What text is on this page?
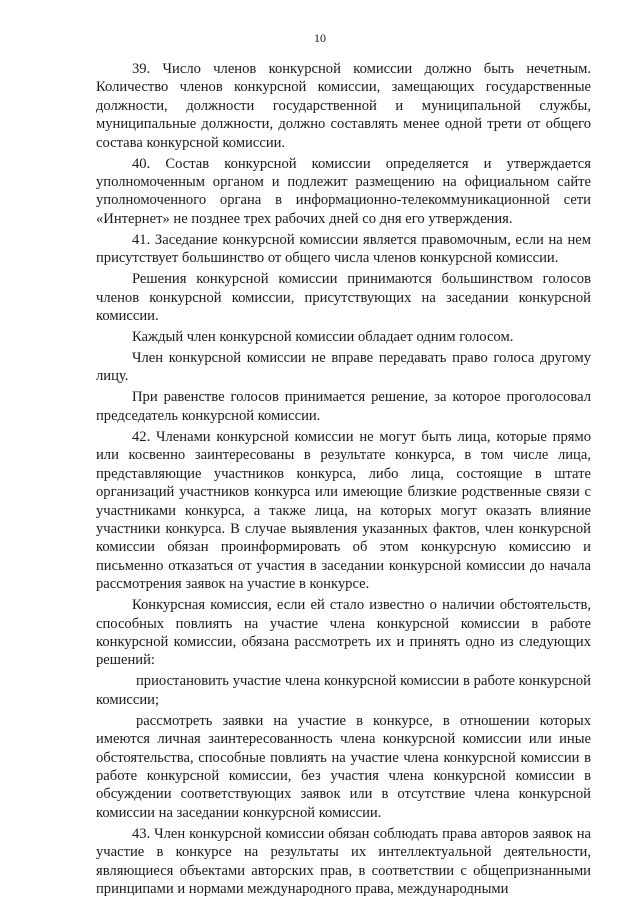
10

39. Число членов конкурсной комиссии должно быть нечетным. Количество членов конкурсной комиссии, замещающих государственные должности, должности государственной и муниципальной службы, муниципальные должности, должно составлять менее одной трети от общего состава конкурсной комиссии.

40. Состав конкурсной комиссии определяется и утверждается уполномоченным органом и подлежит размещению на официальном сайте уполномоченного органа в информационно-телекоммуникационной сети «Интернет» не позднее трех рабочих дней со дня его утверждения.

41. Заседание конкурсной комиссии является правомочным, если на нем присутствует большинство от общего числа членов конкурсной комиссии.

Решения конкурсной комиссии принимаются большинством голосов членов конкурсной комиссии, присутствующих на заседании конкурсной комиссии.

Каждый член конкурсной комиссии обладает одним голосом.

Член конкурсной комиссии не вправе передавать право голоса другому лицу.

При равенстве голосов принимается решение, за которое проголосовал председатель конкурсной комиссии.

42. Членами конкурсной комиссии не могут быть лица, которые прямо или косвенно заинтересованы в результате конкурса, в том числе лица, представляющие участников конкурса, либо лица, состоящие в штате организаций участников конкурса или имеющие близкие родственные связи с участниками конкурса, а также лица, на которых могут оказать влияние участники конкурса. В случае выявления указанных фактов, член конкурсной комиссии обязан проинформировать об этом конкурсную комиссию и письменно отказаться от участия в заседании конкурсной комиссии до начала рассмотрения заявок на участие в конкурсе.

Конкурсная комиссия, если ей стало известно о наличии обстоятельств, способных повлиять на участие члена конкурсной комиссии в работе конкурсной комиссии, обязана рассмотреть их и принять одно из следующих решений:

приостановить участие члена конкурсной комиссии в работе конкурсной комиссии;

рассмотреть заявки на участие в конкурсе, в отношении которых имеются личная заинтересованность члена конкурсной комиссии или иные обстоятельства, способные повлиять на участие члена конкурсной комиссии в работе конкурсной комиссии, без участия члена конкурсной комиссии в обсуждении соответствующих заявок или в отсутствие члена конкурсной комиссии на заседании конкурсной комиссии.

43. Член конкурсной комиссии обязан соблюдать права авторов заявок на участие в конкурсе на результаты их интеллектуальной деятельности, являющиеся объектами авторских прав, в соответствии с общепризнанными принципами и нормами международного права, международными
